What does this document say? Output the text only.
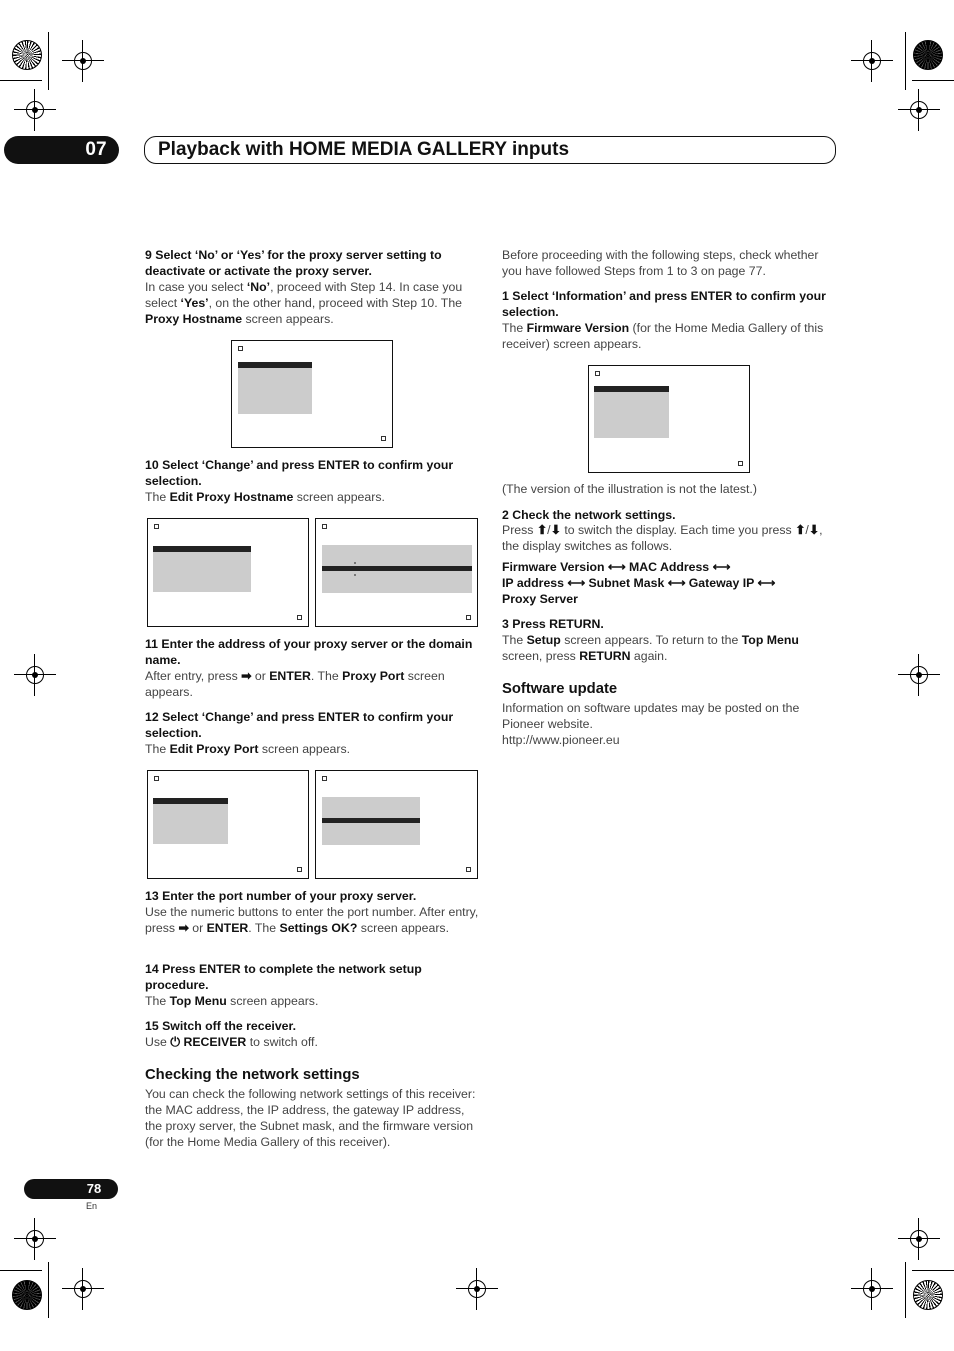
07	Playback with HOME MEDIA GALLERY inputs
9 Select ‘No’ or ‘Yes’ for the proxy server setting to deactivate or activate the proxy server.
In case you select ‘No’, proceed with Step 14. In case you select ‘Yes’, on the other hand, proceed with Step 10. The Proxy Hostname screen appears.
10 Select ‘Change’ and press ENTER to confirm your selection.
The Edit Proxy Hostname screen appears.
11 Enter the address of your proxy server or the domain name.
After entry, press ➡ or ENTER. The Proxy Port screen appears.
12 Select ‘Change’ and press ENTER to confirm your selection.
The Edit Proxy Port screen appears.
13 Enter the port number of your proxy server.
Use the numeric buttons to enter the port number. After entry, press ➡ or ENTER. The Settings OK? screen appears.
14 Press ENTER to complete the network setup procedure.
The Top Menu screen appears.
15 Switch off the receiver.
Use ⏻ RECEIVER to switch off.
Checking the network settings
You can check the following network settings of this receiver: the MAC address, the IP address, the gateway IP address, the proxy server, the Subnet mask, and the firmware version (for the Home Media Gallery of this receiver).
Before proceeding with the following steps, check whether you have followed Steps from 1 to 3 on page 77.
1 Select ‘Information’ and press ENTER to confirm your selection.
The Firmware Version (for the Home Media Gallery of this receiver) screen appears.
(The version of the illustration is not the latest.)
2 Check the network settings.
Press ⬆/⬇ to switch the display. Each time you press ⬆/⬇, the display switches as follows.
Firmware Version ⟷ MAC Address ⟷
IP address ⟷ Subnet Mask ⟷ Gateway IP ⟷
Proxy Server
3 Press RETURN.
The Setup screen appears. To return to the Top Menu screen, press RETURN again.
Software update
Information on software updates may be posted on the Pioneer website.
http://www.pioneer.eu
78
En
